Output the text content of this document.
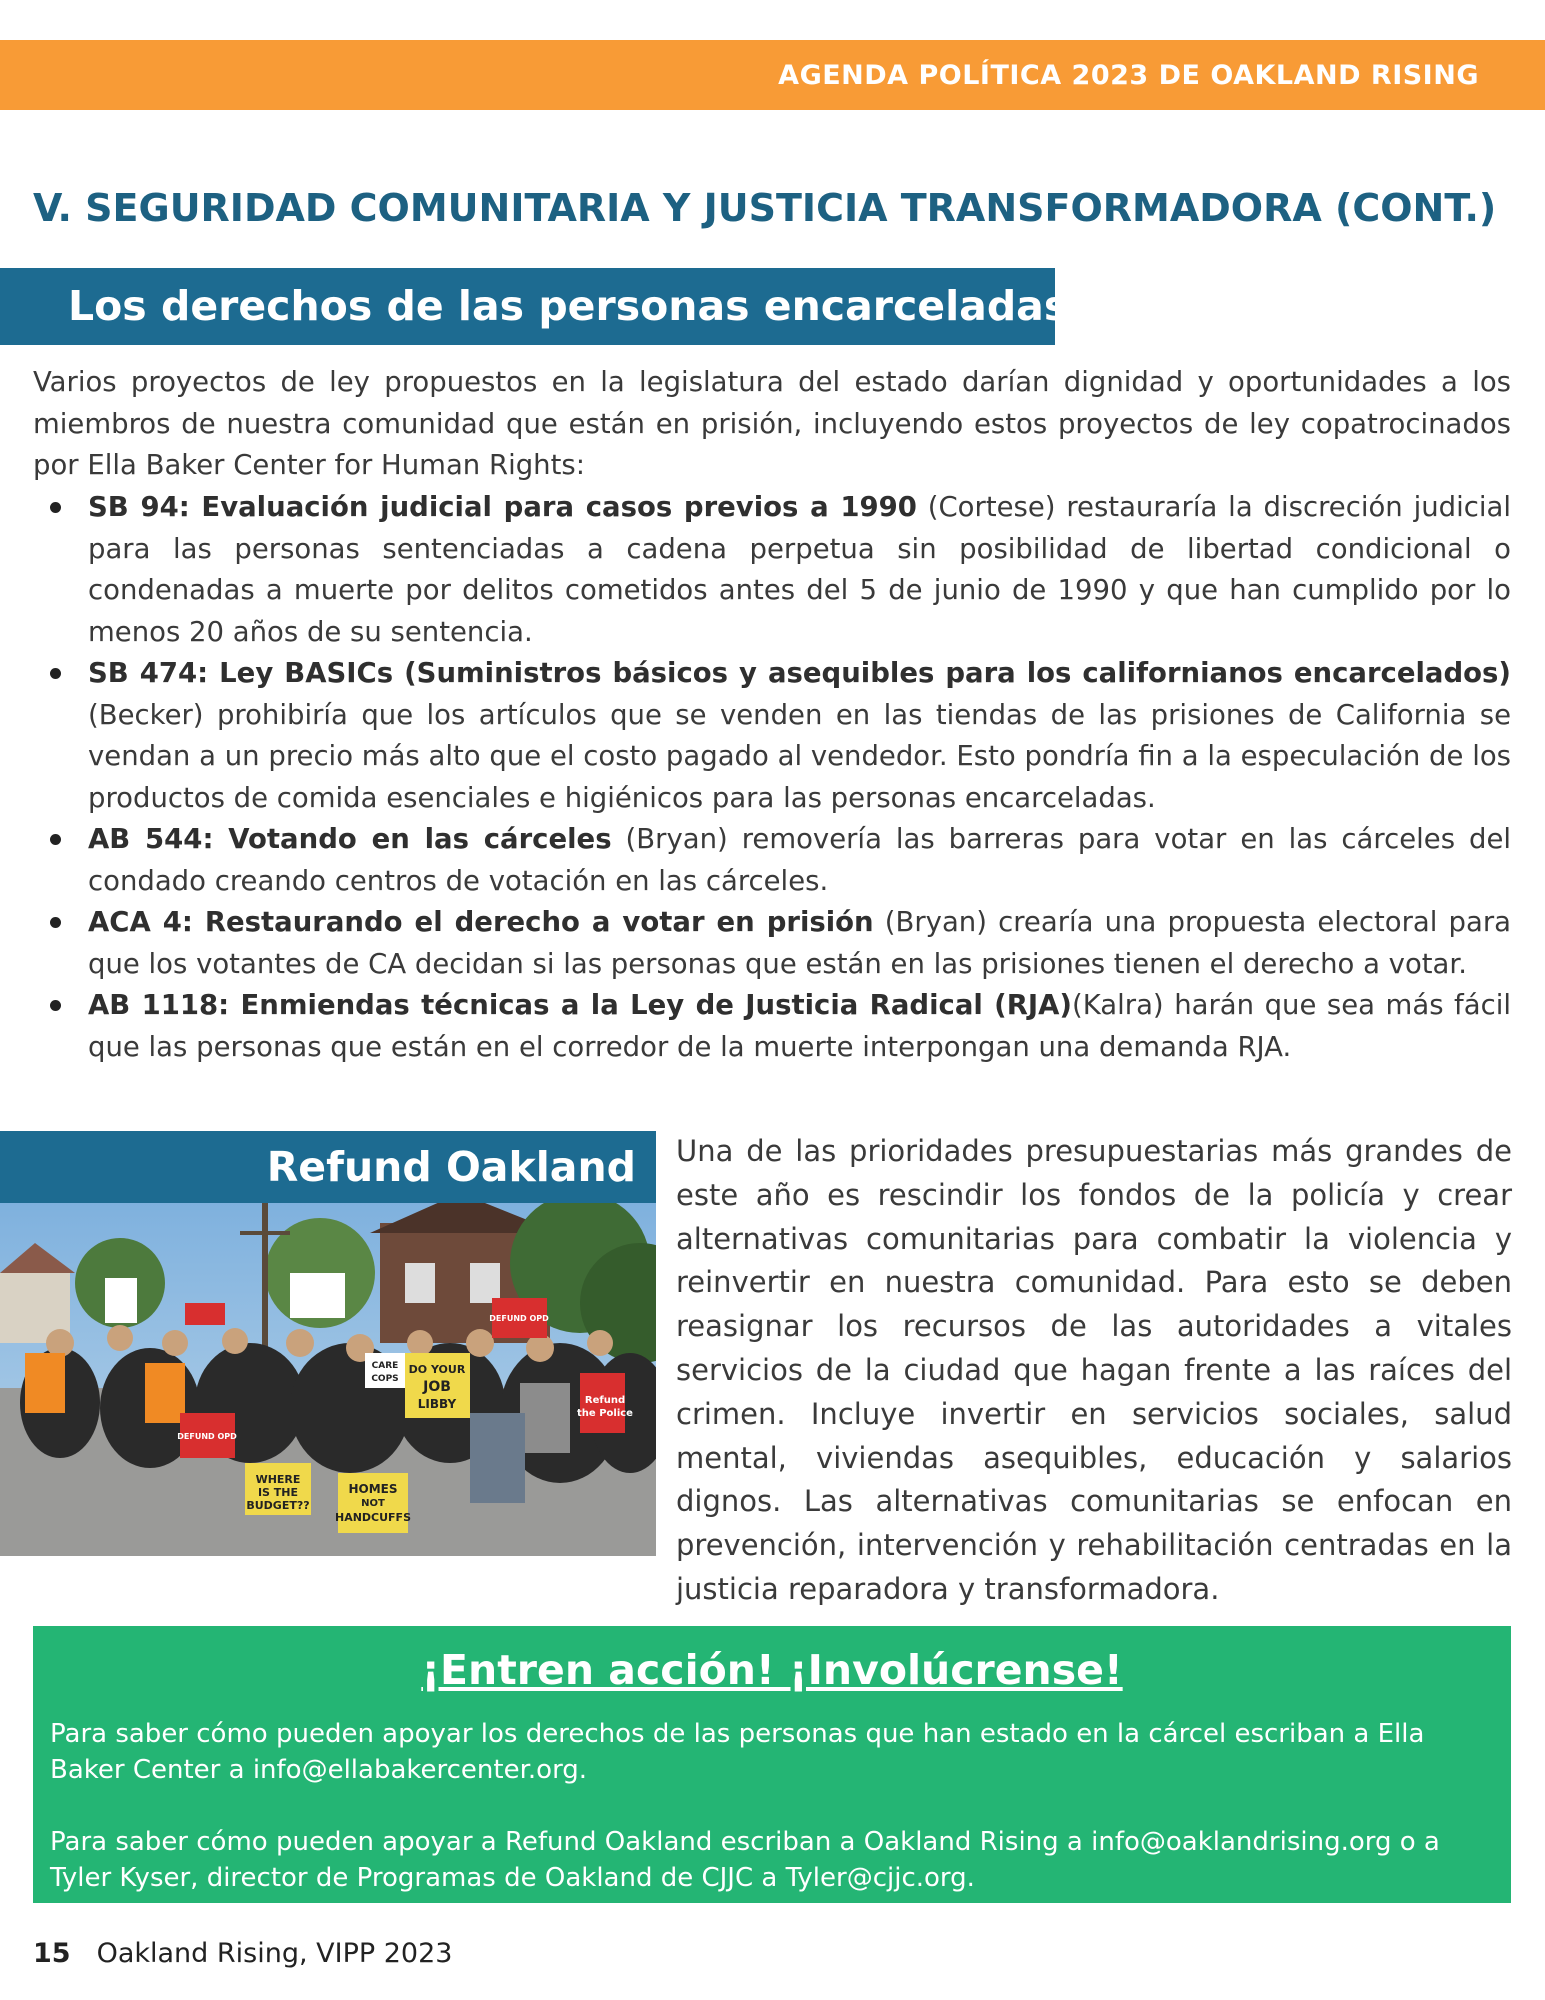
AGENDA POLÍTICA 2023 DE OAKLAND RISING
V. SEGURIDAD COMUNITARIA Y JUSTICIA TRANSFORMADORA (CONT.)
Los derechos de las personas encarceladas
Varios proyectos de ley propuestos en la legislatura del estado darían dignidad y oportunidades a los miembros de nuestra comunidad que están en prisión, incluyendo estos proyectos de ley copatrocinados por Ella Baker Center for Human Rights:
SB 94: Evaluación judicial para casos previos a 1990 (Cortese) restauraría la discreción judicial para las personas sentenciadas a cadena perpetua sin posibilidad de libertad condicional o condenadas a muerte por delitos cometidos antes del 5 de junio de 1990 y que han cumplido por lo menos 20 años de su sentencia.
SB 474: Ley BASICs (Suministros básicos y asequibles para los californianos encarcelados) (Becker) prohibiría que los artículos que se venden en las tiendas de las prisiones de California se vendan a un precio más alto que el costo pagado al vendedor. Esto pondría fin a la especulación de los productos de comida esenciales e higiénicos para las personas encarceladas.
AB 544: Votando en las cárceles (Bryan) removería las barreras para votar en las cárceles del condado creando centros de votación en las cárceles.
ACA 4: Restaurando el derecho a votar en prisión (Bryan) crearía una propuesta electoral para que los votantes de CA decidan si las personas que están en las prisiones tienen el derecho a votar.
AB 1118: Enmiendas técnicas a la Ley de Justicia Radical (RJA)(Kalra) harán que sea más fácil que las personas que están en el corredor de la muerte interpongan una demanda RJA.
Refund Oakland
WHERE
IS THE
BUDGET??
HOMES
NOT
HANDCUFFS
DO YOUR
JOB
LIBBY
CARE
COPS
DEFUND OPD
DEFUND OPD
Refund
the Police
Una de las prioridades presupuestarias más grandes de este año es rescindir los fondos de la policía y crear alternativas comunitarias para combatir la violencia y reinvertir en nuestra comunidad. Para esto se deben reasignar los recursos de las autoridades a vitales servicios de la ciudad que hagan frente a las raíces del crimen. Incluye invertir en servicios sociales, salud mental, viviendas asequibles, educación y salarios dignos. Las alternativas comunitarias se enfocan en prevención, intervención y rehabilitación centradas en la justicia reparadora y transformadora.
¡Entren acción! ¡Involúcrense!
Para saber cómo pueden apoyar los derechos de las personas que han estado en la cárcel escriban a Ella Baker Center a info@ellabakercenter.org.
Para saber cómo pueden apoyar a Refund Oakland escriban a Oakland Rising a info@oaklandrising.org o a Tyler Kyser, director de Programas de Oakland de CJJC a Tyler@cjjc.org.
15 Oakland Rising, VIPP 2023
